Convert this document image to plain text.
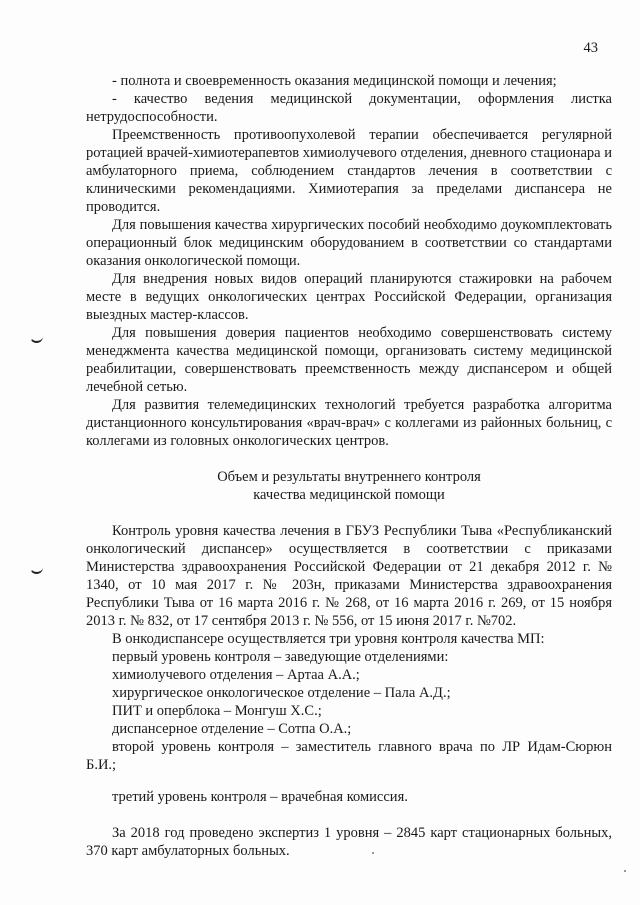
43

- полнота и своевременность оказания медицинской помощи и лечения;

- качество ведения медицинской документации, оформления листка нетрудоспособности.

Преемственность противоопухолевой терапии обеспечивается регулярной ротацией врачей-химиотерапевтов химиолучевого отделения, дневного стационара и амбулаторного приема, соблюдением стандартов лечения в соответствии с клиническими рекомендациями. Химиотерапия за пределами диспансера не проводится.

Для повышения качества хирургических пособий необходимо доукомплектовать операционный блок медицинским оборудованием в соответствии со стандартами оказания онкологической помощи.

Для внедрения новых видов операций планируются стажировки на рабочем месте в ведущих онкологических центрах Российской Федерации, организация выездных мастер-классов.

Для повышения доверия пациентов необходимо совершенствовать систему менеджмента качества медицинской помощи, организовать систему медицинской реабилитации, совершенствовать преемственность между диспансером и общей лечебной сетью.

Для развития телемедицинских технологий требуется разработка алгоритма дистанционного консультирования «врач-врач» с коллегами из районных больниц, с коллегами из головных онкологических центров.

Объем и результаты внутреннего контроля

качества медицинской помощи

Контроль уровня качества лечения в ГБУЗ Республики Тыва «Республиканский онкологический диспансер» осуществляется в соответствии с приказами Министерства здравоохранения Российской Федерации от 21 декабря 2012 г. № 1340, от 10 мая 2017 г. № 203н, приказами Министерства здравоохранения Республики Тыва от 16 марта 2016 г. № 268, от 16 марта 2016 г. 269, от 15 ноября 2013 г. № 832, от 17 сентября 2013 г. № 556, от 15 июня 2017 г. №702.

В онкодиспансере осуществляется три уровня контроля качества МП:

первый уровень контроля – заведующие отделениями:

химиолучевого отделения – Артаа А.А.;

хирургическое онкологическое отделение – Пала А.Д.;

ПИТ и оперблока – Монгуш Х.С.;

диспансерное отделение – Сотпа О.А.;

второй уровень контроля – заместитель главного врача по ЛР Идам-Сюрюн Б.И.;

третий уровень контроля – врачебная комиссия.

За 2018 год проведено экспертиз 1 уровня – 2845 карт стационарных больных, 370 карт амбулаторных больных.
